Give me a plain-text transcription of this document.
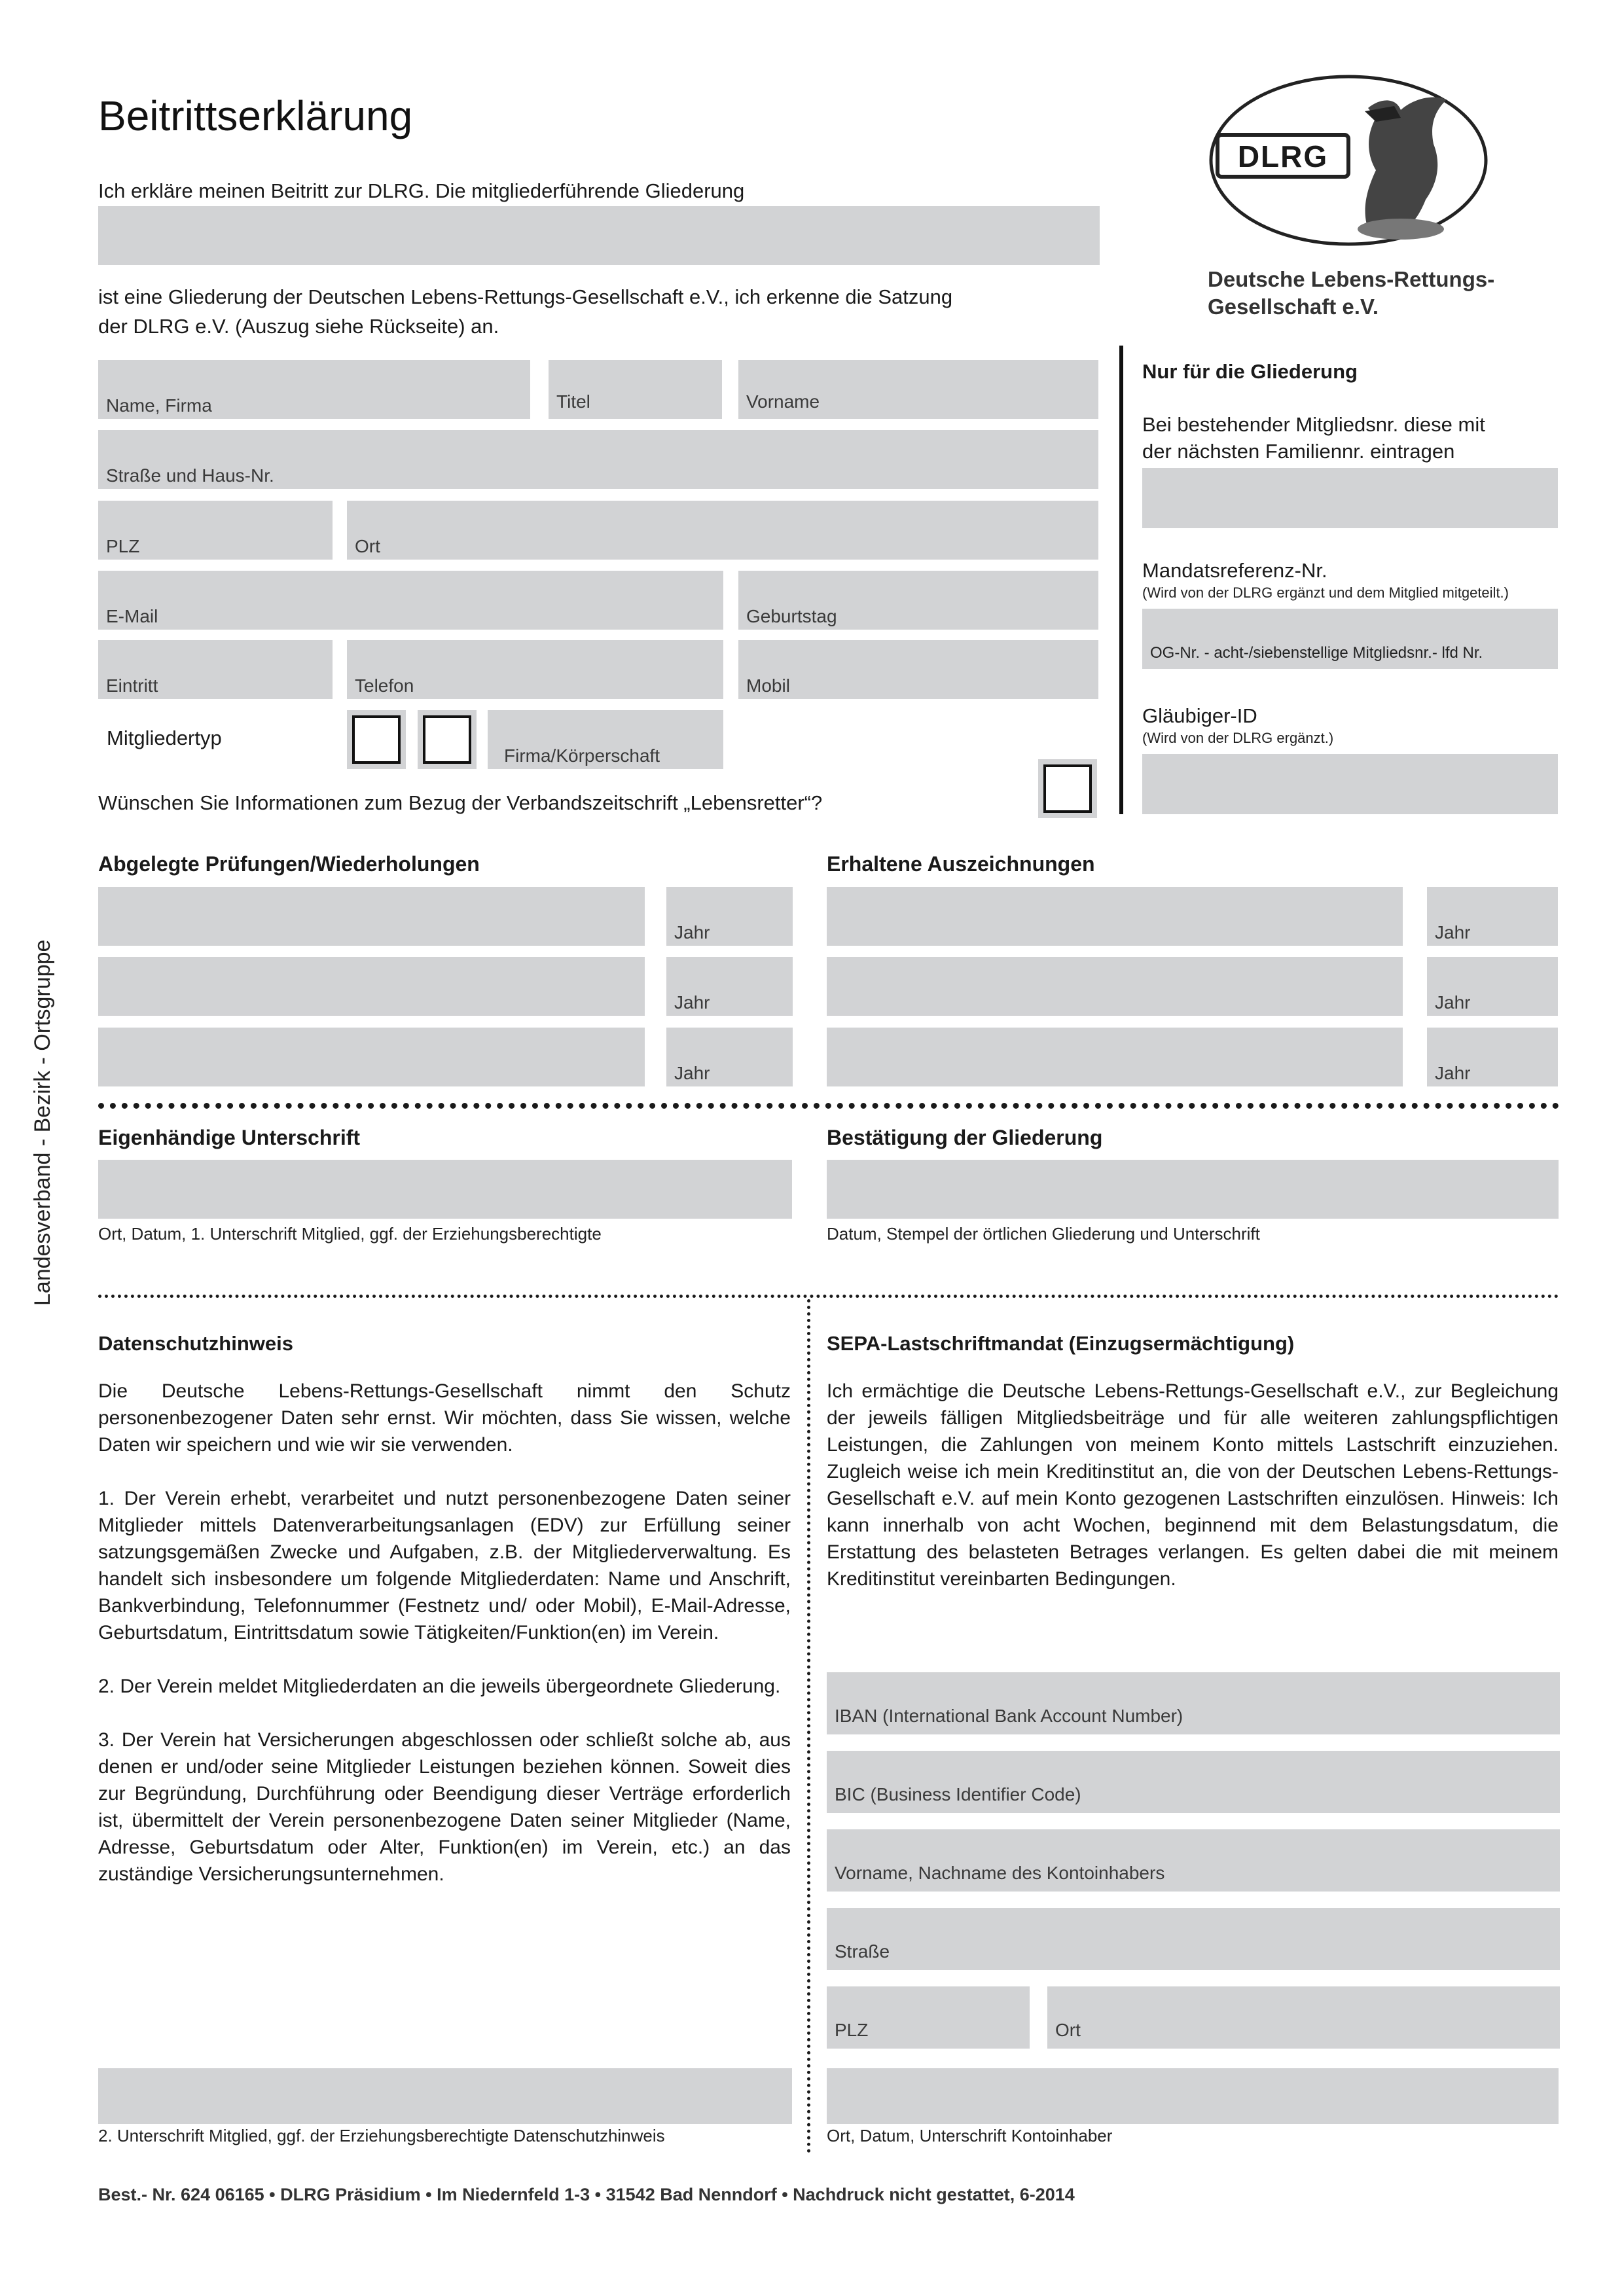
Beitrittserklärung
Ich erkläre meinen Beitritt zur DLRG. Die mitgliederführende Gliederung
ist eine Gliederung der Deutschen Lebens-Rettungs-Gesellschaft e.V., ich erkenne die Satzung
der DLRG e.V. (Auszug siehe Rückseite) an.
DLRG
Deutsche Lebens-Rettungs-
Gesellschaft e.V.
Name, Firma	Titel	Vorname
Straße und Haus-Nr.
PLZ	Ort
E-Mail	Geburtstag
Eintritt	Telefon	Mobil
Mitgliedertyp
Firma/Körperschaft
Wünschen Sie Informationen zum Bezug der Verbandszeitschrift „Lebensretter“?
Nur für die Gliederung
Bei bestehender Mitgliedsnr. diese mit
der nächsten Familiennr. eintragen
Mandatsreferenz-Nr.
(Wird von der DLRG ergänzt und dem Mitglied mitgeteilt.)
OG-Nr. - acht-/siebenstellige Mitgliedsnr.- lfd Nr.
Gläubiger-ID
(Wird von der DLRG ergänzt.)
Landesverband - Bezirk - Ortsgruppe
Abgelegte Prüfungen/Wiederholungen
Jahr
Jahr
Jahr
Erhaltene Auszeichnungen
Jahr
Jahr
Jahr
Eigenhändige Unterschrift
Ort, Datum, 1. Unterschrift Mitglied, ggf. der Erziehungsberechtigte
Bestätigung der Gliederung
Datum, Stempel der örtlichen Gliederung und Unterschrift
Datenschutzhinweis

Die Deutsche Lebens-Rettungs-Gesellschaft nimmt den Schutz personenbezogener Daten sehr ernst. Wir möchten, dass Sie wissen, welche Daten wir speichern und wie wir sie verwenden.

1. Der Verein erhebt, verarbeitet und nutzt personenbezogene Daten seiner Mitglieder mittels Datenverarbeitungsanlagen (EDV) zur Erfüllung seiner satzungsgemäßen Zwecke und Aufgaben, z.B. der Mitgliederverwaltung. Es handelt sich insbesondere um folgende Mitgliederdaten: Name und Anschrift, Bankverbindung, Telefonnummer (Festnetz und/ oder Mobil), E-Mail-Adresse, Geburtsdatum, Eintrittsdatum sowie Tätigkeiten/Funktion(en) im Verein.

2. Der Verein meldet Mitgliederdaten an die jeweils übergeordnete Gliederung.

3. Der Verein hat Versicherungen abgeschlossen oder schließt solche ab, aus denen er und/oder seine Mitglieder Leistungen beziehen können. Soweit dies zur Begründung, Durchführung oder Beendigung dieser Verträge erforderlich ist, übermittelt der Verein personenbezogene Daten seiner Mitglieder (Name, Adresse, Geburtsdatum oder Alter, Funktion(en) im Verein, etc.) an das zuständige Versicherungsunternehmen.

2. Unterschrift Mitglied, ggf. der Erziehungsberechtigte Datenschutzhinweis
SEPA-Lastschriftmandat (Einzugsermächtigung)

Ich ermächtige die Deutsche Lebens-Rettungs-Gesellschaft e.V., zur Begleichung der jeweils fälligen Mitgliedsbeiträge und für alle weiteren zahlungspflichtigen Leistungen, die Zahlungen von meinem Konto mittels Lastschrift einzuziehen. Zugleich weise ich mein Kreditinstitut an, die von der Deutschen Lebens-Rettungs-Gesellschaft e.V. auf mein Konto gezogenen Lastschriften einzulösen. Hinweis: Ich kann innerhalb von acht Wochen, beginnend mit dem Belastungsdatum, die Erstattung des belasteten Betrages verlangen. Es gelten dabei die mit meinem Kreditinstitut vereinbarten Bedingungen.

IBAN (International Bank Account Number)
BIC (Business Identifier Code)
Vorname, Nachname des Kontoinhabers
Straße
PLZ	Ort
Ort, Datum, Unterschrift Kontoinhaber
Best.- Nr. 624 06165 • DLRG Präsidium • Im Niedernfeld 1-3 • 31542 Bad Nenndorf • Nachdruck nicht gestattet, 6-2014
